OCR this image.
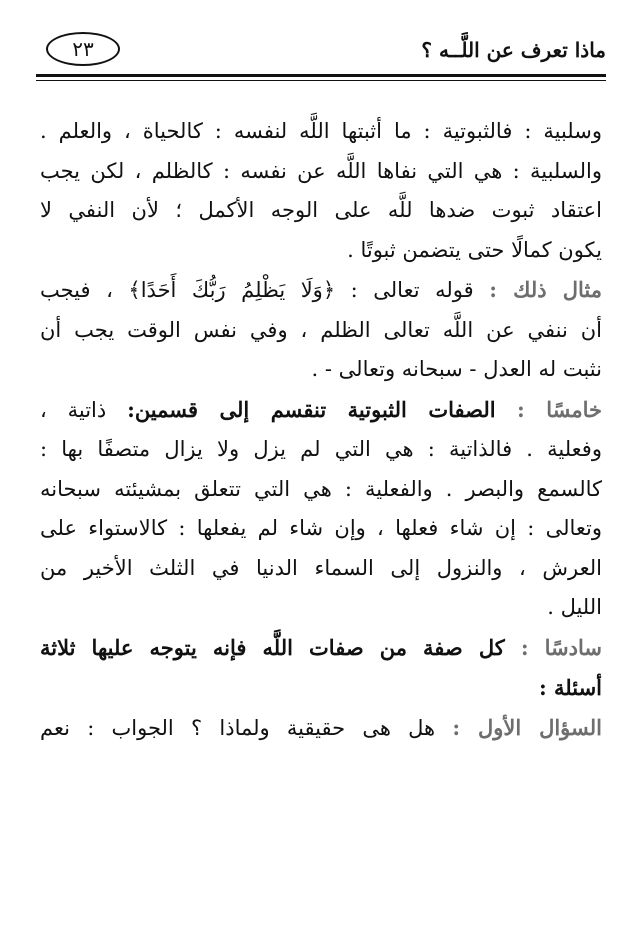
ماذا تعرف عن اللَّــه ؟
٢٣
وسلبية : فالثبوتية : ما أثبتها اللَّه لنفسه : كالحياة ، والعلم .
والسلبية : هي التي نفاها اللَّه عن نفسه : كالظلم ، لكن يجب
اعتقاد ثبوت ضدها للَّه على الوجه الأكمل ؛ لأن النفي لا
يكون كمالًا حتى يتضمن ثبوتًا .
مثال ذلك : قوله تعالى : ﴿وَلَا يَظْلِمُ رَبُّكَ أَحَدًا﴾ ، فيجب
أن ننفي عن اللَّه تعالى الظلم ، وفي نفس الوقت يجب أن
نثبت له العدل - سبحانه وتعالى - .
خامسًا : الصفات الثبوتية تنقسم إلى قسمين: ذاتية ،
وفعلية . فالذاتية : هي التي لم يزل ولا يزال متصفًا بها :
كالسمع والبصر . والفعلية : هي التي تتعلق بمشيئته سبحانه
وتعالى : إن شاء فعلها ، وإن شاء لم يفعلها : كالاستواء على
العرش ، والنزول إلى السماء الدنيا في الثلث الأخير من
الليل .
سادسًا : كل صفة من صفات اللَّه فإنه يتوجه عليها ثلاثة
أسئلة :
السؤال الأول : هل هى حقيقية ولماذا ؟ الجواب : نعم
